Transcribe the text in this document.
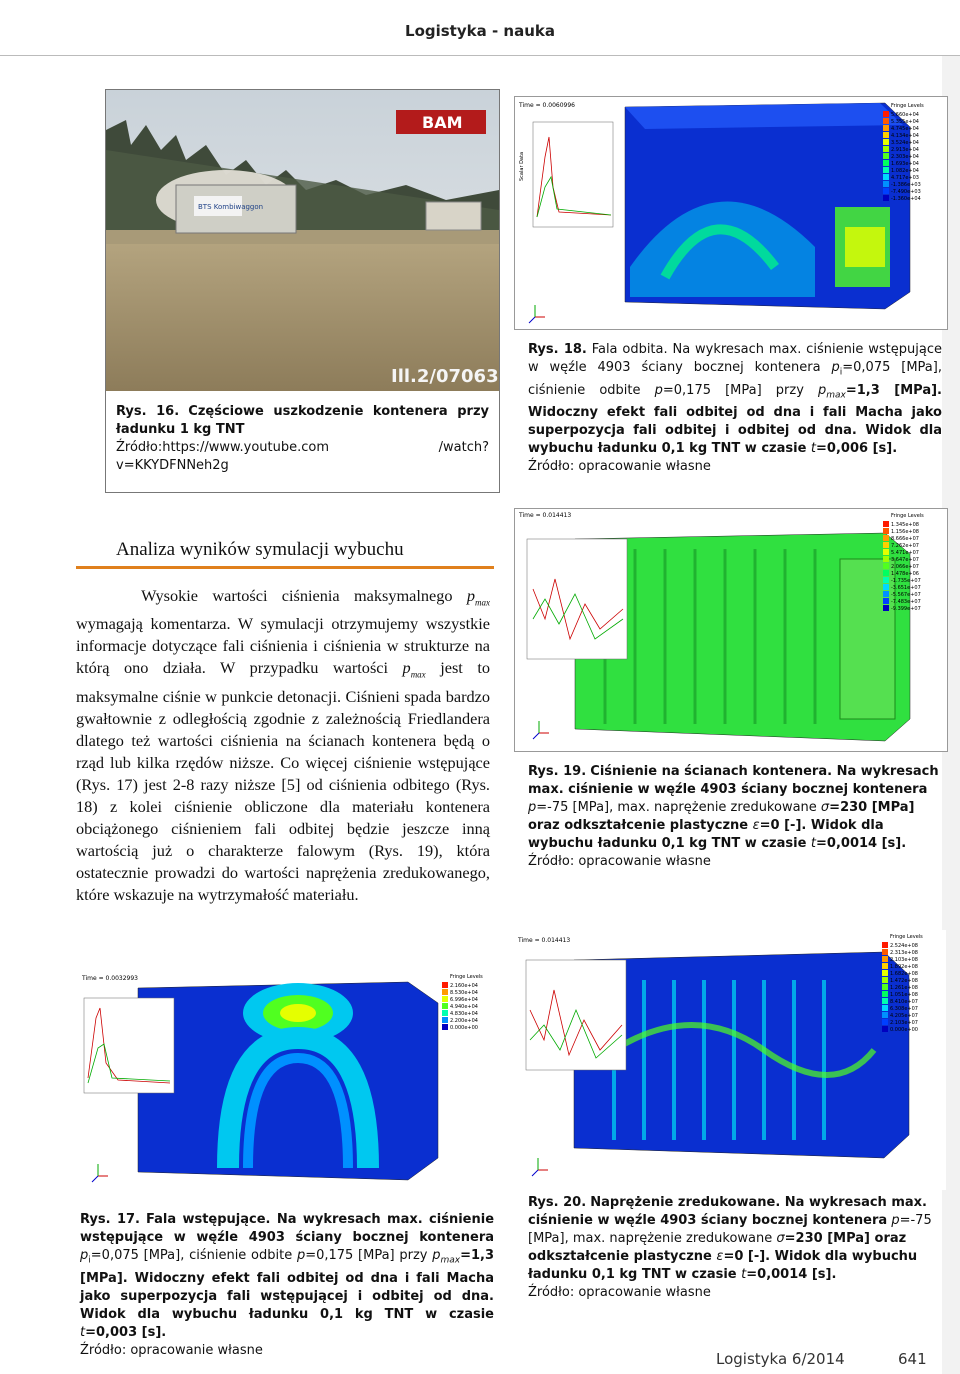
Logistyka - nauka
BTS Kombiwaggon
BAM
Ill.2/07063
Rys. 16. Częściowe uszkodzenie kontenera przy ładunku 1 kg TNT
Źródło:https://www.youtube.com /watch?v=KKYDFNNeh2g
Time = 0.0060996
Scalar Data
Fringe Levels
5.660e+04
5.355e+04
4.745e+04
4.134e+04
3.524e+04
2.913e+04
2.303e+04
1.693e+04
1.082e+04
4.717e+03
-1.386e+03
-7.490e+03
-1.360e+04
Rys. 18. Fala odbita. Na wykresach max. ciśnienie wstępujące w węźle 4903 ściany bocznej kontenera $p_i=0,075$ [MPa], ciśnienie odbite p=0,175 [MPa] przy $p_{max}=1,3$ [MPa]. Widoczny efekt fali odbitej od dna i fali Macha jako superpozycja fali odbitej i odbitej od dna. Widok dla wybuchu ładunku 0,1 kg TNT w czasie t=0,006 [s].
Źródło: opracowanie własne
Analiza wyników symulacji wybuchu
    Wysokie wartości ciśnienia maksymalnego $p_{max}$ wymagają komentarza. W symulacji otrzymujemy wszystkie informacje dotyczące fali ciśnienia i ciśnienia w strukturze na którą ono działa. W przypadku wartości $p_{max}$ jest to maksymalne ciśnie w punkcie detonacji. Ciśnieni spada bardzo gwałtownie z odległością zgodnie z zależnością Friedlandera dlatego też wartości ciśnienia na ścianach kontenera będą o rząd lub kilka rzędów niższe. Co więcej ciśnienie wstępujące (Rys. 17) jest 2-8 razy niższe [5] od ciśnienia odbitego (Rys. 18) z kolei ciśnienie obliczone dla materiału kontenera obciążonego ciśnieniem fali odbitej będzie jeszcze inną wartością już o charakterze falowym (Rys. 19), która ostatecznie prowadzi do wartości naprężenia zredukowanego, które wskazuje na wytrzymałość materiału.
Time = 0.014413	Fringe Levels
1.345e+08
1.156e+08
8.666e+07
7.262e+07
5.471e+07
3.647e+07
2.066e+07
1.478e+06
-1.735e+07
-3.651e+07
-5.567e+07
-7.483e+07
-9.399e+07
Rys. 19. Ciśnienie na ścianach kontenera. Na wykresach max. ciśnienie w węźle 4903 ściany bocznej kontenera p=-75 [MPa], max. naprężenie zredukowane σ=230 [MPa] oraz odkształcenie plastyczne ε=0 [-]. Widok dla wybuchu ładunku 0,1 kg TNT w czasie t=0,0014 [s].
Źródło: opracowanie własne
Time = 0.0032993	Fringe Levels
2.160e+04
8.530e+04
6.996e+04
4.940e+04
4.830e+04
2.200e+04
0.000e+00
Time = 0.014413	Fringe Levels
2.524e+08
2.313e+08
2.103e+08
1.892e+08
1.682e+08
1.472e+08
1.261e+08
1.051e+08
8.410e+07
6.308e+07
4.205e+07
2.103e+07
0.000e+00
Rys. 17. Fala wstępujące. Na wykresach max. ciśnienie wstępujące w węźle 4903 ściany bocznej kontenera $p_i=0,075$ [MPa], ciśnienie odbite p=0,175 [MPa] przy $p_{max}=1,3$ [MPa]. Widoczny efekt fali odbitej od dna i fali Macha jako superpozycja fali wstępującej i odbitej od dna. Widok dla wybuchu ładunku 0,1 kg TNT w czasie t=0,003 [s].
Źródło: opracowanie własne
Rys. 20. Naprężenie zredukowane. Na wykresach max. ciśnienie w węźle 4903 ściany bocznej kontenera p=-75 [MPa], max. naprężenie zredukowane σ=230 [MPa] oraz odkształcenie plastyczne ε=0 [-]. Widok dla wybuchu ładunku 0,1 kg TNT w czasie t=0,0014 [s].
Źródło: opracowanie własne
Logistyka 6/2014	641
